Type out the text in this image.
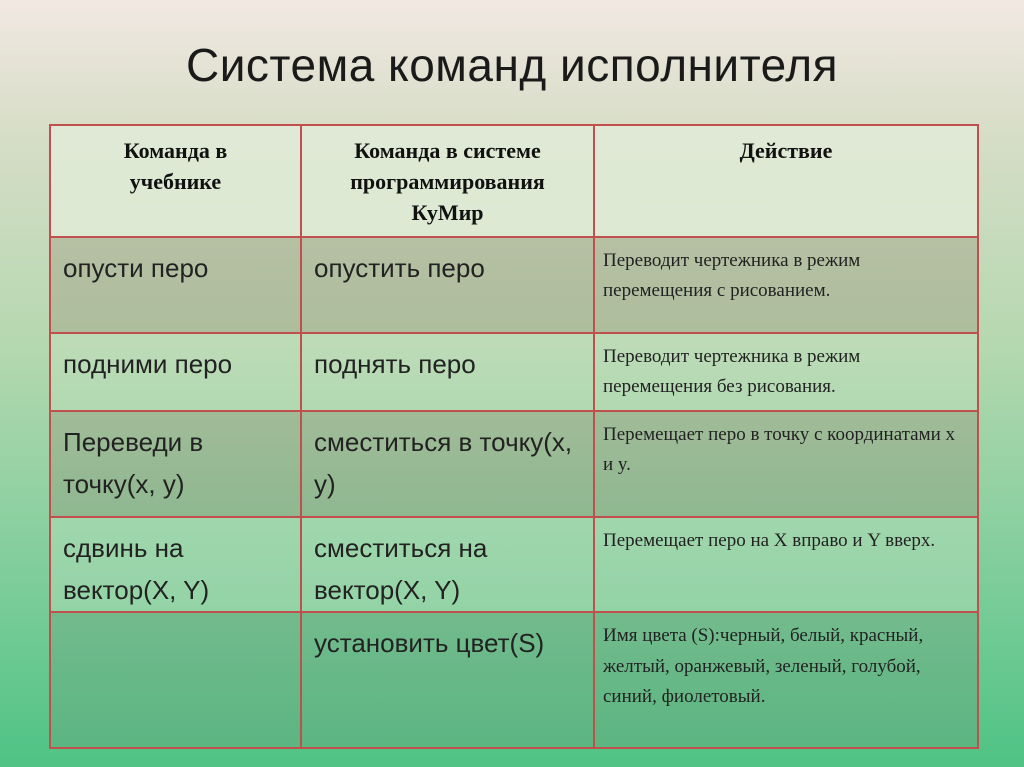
Система команд исполнителя
Команда в учебнике	Команда в системе программирования КуМир	Действие
опусти перо	опустить перо	Переводит чертежника в режим перемещения с рисованием.
подними перо	поднять перо	Переводит чертежника в режим перемещения без рисования.
Переведи в точку(x, y)	сместиться в точку(x, y)	Перемещает перо в точку с координатами x и y.
сдвинь на вектор(X, Y)	сместиться на вектор(X, Y)	Перемещает перо на X вправо и Y вверх.
	установить цвет(S)	Имя цвета (S):черный, белый, красный, желтый, оранжевый, зеленый, голубой, синий, фиолетовый.
